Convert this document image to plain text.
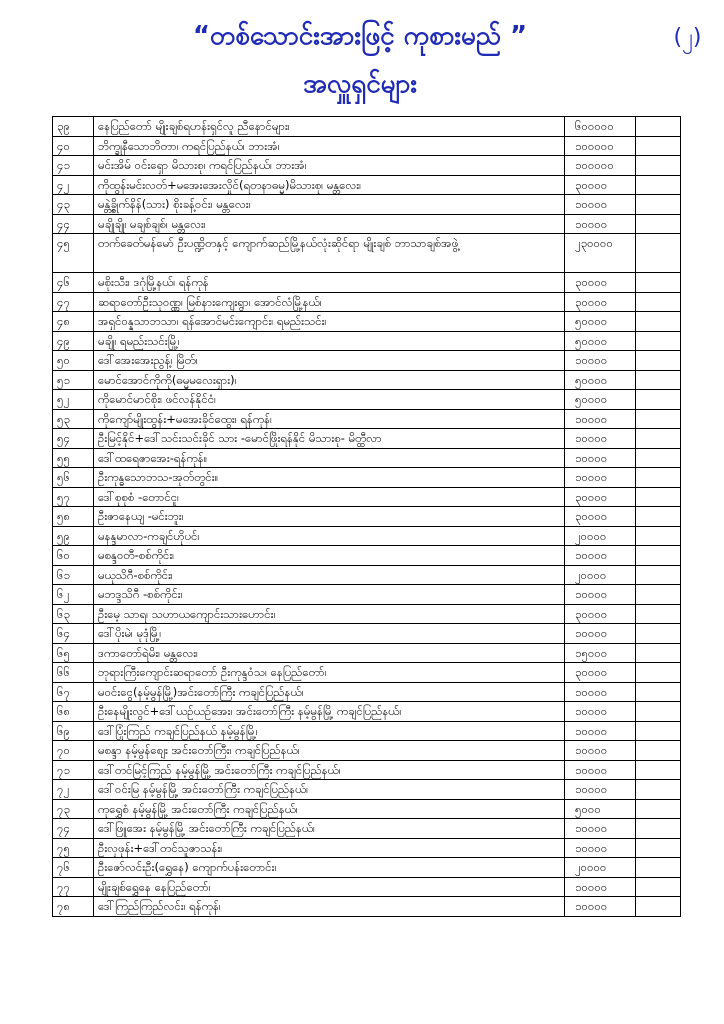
“တစ်သောင်းအားဖြင့် ကုစားမည် ”	(၂)
အလှူရှင်များ
၃၉	နေပြည်တော် မျိုးချစ်ရဟန်းရှင်လူ ညီနောင်များ၊	၆၀၀၀၀၀	
၄၀	ဘိက္ခုနီသောဘိတာ၊ ကရင်ပြည်နယ်၊ ဘားအံ၊	၁၀၀၀၀၀	
၄၁	မင်းအိမ် ဝင်းရှော မိသားစု၊ ကရင်ပြည်နယ်၊ ဘားအံ၊	၁၀၀၀၀၀	
၄၂	ကိုထွန်းမင်းလတ်+မအေးအေးလှိုင်(ရတနာဓမ္မ)မိသားစု၊ မန္တလေး၊	၃၀၀၀၀	
၄၃	မန္တဲ့ခွိုက်နိန်(သား) စိုးခန့်ဝင်း၊ မန္တလေး၊	၁၀၀၀၀	
၄၄	မချိုချို၊ မချစ်ချစ်၊ မန္တလေး၊	၁၀၀၀၀	
၄၅	တက်ခေတ်မန်မော် ဦးပဏ္ဍိတနှင့် ကျောက်ဆည်မြို့နယ်လုံးဆိုင်ရာ မျိုးချစ် ဘာသာချစ်အဖွဲ့	၂၃၀၀၀၀	
၄၆	မစိုးသီး၊ ဒဂုံမြို့နယ်၊ ရန်ကုန်	၃၀၀၀၀	
၄၇	ဆရာတော်ဦးသုဝဏ္ဏ၊ မြစ်နားကျေးရွာ၊ အောင်လံမြို့နယ်၊	၃၀၀၀၀	
၄၈	အရှင်ဝန္နသာဘသာ၊ ရန်အောင်မင်းကျောင်း၊ ရမည်းသင်း၊	၅၀၀၀၀	
၄၉	မချို၊ ရမည်းသင်းမြို့၊	၅၀၀၀၀	
၅၀	ဒေါ်အေးအေးညွန့်၊ မြိတ်၊	၁၀၀၀၀	
၅၁	မောင်အောင်ကိုကို(ဓမ္မမလေးရှား)၊	၅၀၀၀၀	
၅၂	ကိုမောင်မာင်စိုး၊ ဖင်လန်နိုင်ငံ၊	၅၀၀၀၀	
၅၃	ကိုကျော်မျိုးထွန်း+မအေးခိုင်ထွေး၊ ရန်ကုန်၊	၁၀၀၀၀	
၅၄	ဦးမြင့်နိုင်+ဒေါ်သင်းသင်းခိုင် သား -မောင်ဖြိုးရန်နိုင် မိသားစု- မိတ္ထီလာ	၁၀၀၀၀	
၅၅	ဒေါ်ထရေဇာအေး-ရန်ကုန်။	၁၀၀၀၀	
၅၆	ဦးကုန္ဓသောဘသ-အုတ်တွင်း။	၁၀၀၀၀	
၅၇	ဒေါ်စုစုစံ -တောင်ငူ၊	၃၀၀၀၀	
၅၈	ဦးဇာနေယျ -မင်းဘူး၊	၃၀၀၀၀	
၅၉	မနန္ဒမာလာ-ကချင်ဟိုပင်၊	၂၀၀၀၀	
၆၀	မစန္ဒဝတီ-စစ်ကိုင်း၊	၁၀၀၀၀	
၆၁	မယုသိဂီ-စစ်ကိုင်း၊	၂၀၀၀၀	
၆၂	မဘဒ္ဒသိဂီ -စစ်ကိုင်း၊	၁၀၀၀၀	
၆၃	ဦးမေ့ သာရ၊ သဟာယကျောင်းသားဟောင်း၊	၃၀၀၀၀	
၆၄	ဒေါ်ပိုးမဲ၊ မုဒုံမြို့၊	၁၀၀၀၀	
၆၅	ဒကာတော်ရဲမိး၊ မန္တလေး၊	၁၅၀၀၀	
၆၆	ဘုရားကြီးကျောင်းဆရာတော် ဦးကုန္ဒဝံသ၊ နေပြည်တော်၊	၃၀၀၀၀	
၆၇	မဝင်းငွေ(နမ့်မွန်မြို့)အင်းတော်ကြီး ကချင်ပြည်နယ်၊	၁၀၀၀၀	
၆၈	ဦးနေမျိုးလွင်+ဒေါ်ယဉ်ယဉ်အေး၊ အင်းတော်ကြီး နမ့်မွန်မြို့ ကချင်ပြည်နယ်၊	၁၀၀၀၀	
၆၉	ဒေါ်ပြုံးကြည် ကချင်ပြည်နယ် နမ့်မွန်မြို့၊	၁၀၀၀၀	
၇၀	မစန္ဒာ နမ့်မွန်စျေး အင်းတော်ကြီး၊ ကချင်ပြည်နယ်၊	၁၀၀၀၀	
၇၁	ဒေါ်တင်မြင့်ကြည် နမ့်မွန်မြို့ အင်းတော်ကြီး ကချင်ပြည်နယ်၊	၁၀၀၀၀	
၇၂	ဒေါ်ဝင်းမြ နမ့်မွန်မြို့ အင်းတော်ကြီး ကချင်ပြည်နယ်၊	၁၀၀၀၀	
၇၃	ကုရွှေစံ နမ့်မွန်မြို့ အင်းတော်ကြီး ကချင်ပြည်နယ်၊	၅၀၀၀	
၇၄	ဒေါ်ဖြူအေး နမ့်မွန်မြို့ အင်းတော်ကြီး ကချင်ပြည်နယ်၊	၁၀၀၀၀	
၇၅	ဦးလှဖုန်း+ဒေါ်တင်သူဇာသန်း၊	၁၀၀၀၀	
၇၆	ဦးဇော်လင်းဦး(ရွှေနေ) ကျောက်ပန်းတောင်း၊	၂၀၀၀၀	
၇၇	မျိုးချစ်ရွှေနေ နေပြည်တော်၊	၁၀၀၀၀	
၇၈	ဒေါ်ကြည်ကြည်လင်း၊ ရန်ကုန်၊	၁၀၀၀၀	
